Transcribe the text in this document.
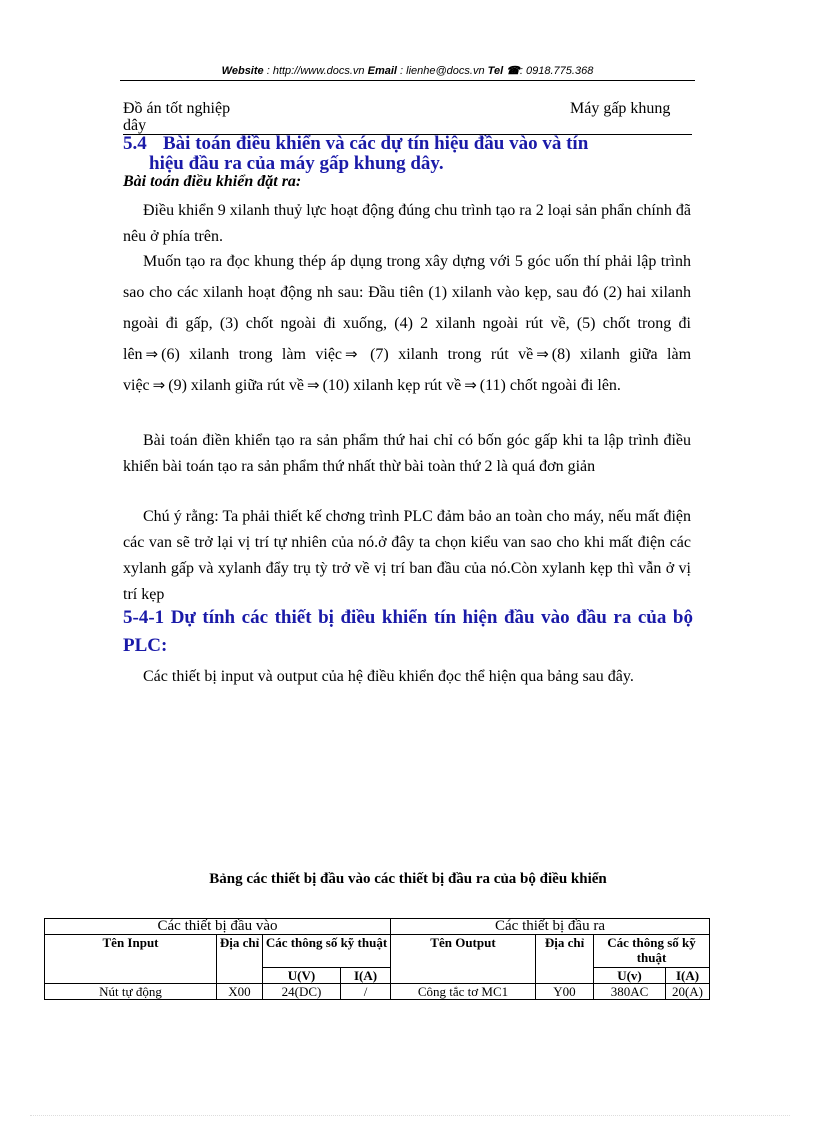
Website : http://www.docs.vn Email : lienhe@docs.vn Tel ☎: 0918.775.368
Đồ án tốt nghiệp
dây
Máy gấp khung
5.4 Bài toán điều khiển và các dự tín hiệu đầu vào và tín
hiệu đầu ra của máy gấp khung dây.
Bài toán điều khiển đặt ra:
Điều khiển 9 xilanh thuỷ lực hoạt động đúng chu trình tạo ra 2 loại sản phẩn chính đã nêu ở phía trên.
Muốn tạo ra đọc khung thép áp dụng trong xây dựng với 5 góc uốn thí phải lập trình sao cho các xilanh hoạt động nh sau: Đầu tiên (1) xilanh vào kẹp, sau đó (2) hai xilanh ngoài đi gấp, (3) chốt ngoài đi xuống, (4) 2 xilanh ngoài rút về, (5) chốt trong đi lên ⇒ (6) xilanh trong làm việc ⇒ (7) xilanh trong rút về ⇒ (8) xilanh giữa làm việc ⇒ (9) xilanh giữa rút về ⇒ (10) xilanh kẹp rút về ⇒ (11) chốt ngoài đi lên.
Bài toán điền khiển tạo ra sản phẩm thứ hai chỉ có bốn góc gấp khi ta lập trình điều khiển bài toán tạo ra sản phẩm thứ nhất thừ bài toàn thứ 2 là quá đơn giản
Chú ý rằng: Ta phải thiết kế chơng trình PLC đảm bảo an toàn cho máy, nếu mất điện các van sẽ trở lại vị trí tự nhiên của nó.ở đây ta chọn kiểu van sao cho khi mất điện các xylanh gấp và xylanh đẩy trụ tỳ trở về vị trí ban đầu của nó.Còn xylanh kẹp thì vẫn ở vị trí kẹp
5-4-1 Dự tính các thiết bị điều khiển tín hiện đầu vào đầu ra của bộ PLC:
Các thiết bị input và output của hệ điều khiển đọc thể hiện qua bảng sau đây.
Bảng các thiết bị đầu vào các thiết bị đầu ra của bộ điều khiển
Các thiết bị đầu vào				Các thiết bị đầu ra			
Tên Input	Địa chỉ	Các thông số kỹ thuật		Tên Output	Địa chỉ	Các thông số kỹ thuật	
		U(V)	I(A)			U(v)	I(A)
Nút tự động	X00	24(DC)	/	Công tắc tơ MC1	Y00	380AC	20(A)
